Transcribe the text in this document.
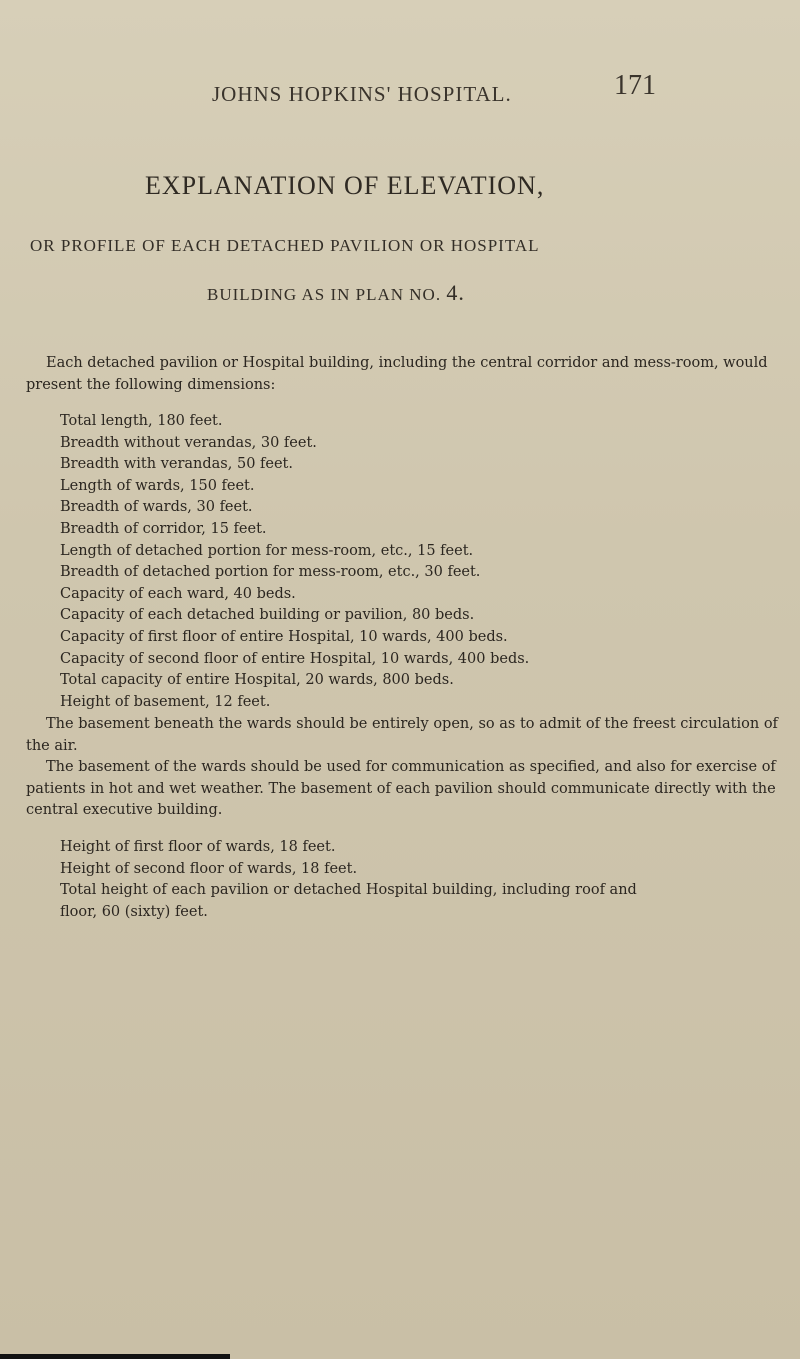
JOHNS HOPKINS' HOSPITAL.	171
EXPLANATION OF ELEVATION,
OR PROFILE OF EACH DETACHED PAVILION OR HOSPITAL
BUILDING AS IN PLAN NO. 4.
Each detached pavilion or Hospital building, including the central corridor and mess-room, would present the following dimensions:
Total length, 180 feet.
Breadth without verandas, 30 feet.
Breadth with verandas, 50 feet.
Length of wards, 150 feet.
Breadth of wards, 30 feet.
Breadth of corridor, 15 feet.
Length of detached portion for mess-room, etc., 15 feet.
Breadth of detached portion for mess-room, etc., 30 feet.
Capacity of each ward, 40 beds.
Capacity of each detached building or pavilion, 80 beds.
Capacity of first floor of entire Hospital, 10 wards, 400 beds.
Capacity of second floor of entire Hospital, 10 wards, 400 beds.
Total capacity of entire Hospital, 20 wards, 800 beds.
Height of basement, 12 feet.
The basement beneath the wards should be entirely open, so as to admit of the freest circulation of the air.
The basement of the wards should be used for communication as specified, and also for exercise of patients in hot and wet weather. The basement of each pavilion should communicate directly with the central executive building.
Height of first floor of wards, 18 feet.
Height of second floor of wards, 18 feet.
Total height of each pavilion or detached Hospital building, including roof and
floor, 60 (sixty) feet.
